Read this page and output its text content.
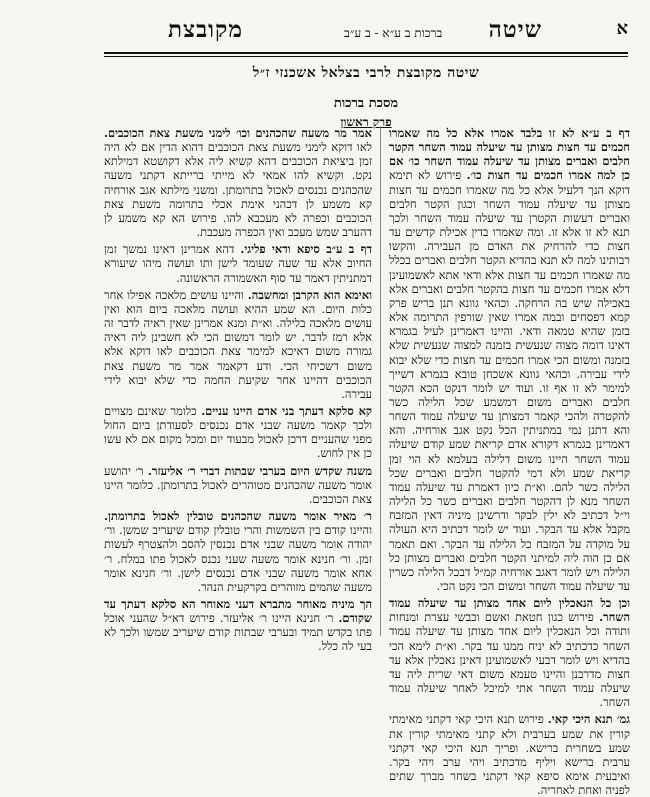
מקובצת	ברכות ב ע״א - ב ע״ב שיטה	א
שיטה מקובצת לרבי בצלאל אשכנזי ז״ל
מסכת ברכות
פרק ראשון

דף ב ע״א לא זו בלבד אמרו אלא כל מה שאמרו חכמים עד חצות מצותן עד שיעלה עמוד השחר הקטר חלבים ואברים מצותן עד שיעלה עמוד השחר כו׳ אם כן למה אמרו חכמים עד חצות כו׳. פירוש לא תימא דוקא הנך דלעיל אלא כל מה שאמרו חכמים עד חצות מצותן עד שיעלה עמוד השחר וכגון הקטר חלבים ואברים דעשות הקטרן עד שיעלה עמוד השחר ולכך תנא לא זו אלא זו. ומה שאמרו בדין אכילת קדשים עד חצות כדי להרחיק את האדם מן העבירה. והקשו רבותינו למה לא תנא בהדיא הקטר חלבים ואברים בכלל מה שאמרו חכמים עד חצות אלא ודאי אתא לאשמועינן דלא אמרו חכמים עד חצות בהקטר חלבים ואברים אלא באכילה שיש בה הרחקה. וכהאי גוונא תנן בריש פרק קמא דפסחים ובמה אמרו שאין שורפין התרומה אלא בזמן שהיא טמאה ודאי. והיינו דאמרינן לעיל בגמרא דאינו דומה מצוה שנעשית בזמנה למצוה שנעשית שלא בזמנה ומשום הכי אמרו חכמים עד חצות כדי שלא יבוא לידי עבירה. וכהאי גוונא אשכחן טובא בגמרא דשייך למימר לא זו אף זו. ועוד יש לומר דנקט הכא הקטר חלבים ואברים משום דמשמע שכל הלילה כשר להקטרה ולהכי קאמר דמצותן עד שיעלה עמוד השחר והא דתנן נמי במתניתין הכל נקט אגב אורחיה. והא דאמרינן בגמרא דקורא אדם קריאת שמע קודם שיעלה עמוד השחר היינו משום דלילה בעלמא לא הוי זמן קריאת שמע ולא דמי להקטר חלבים ואברים שכל הלילה כשר להם. וא״ת כיון דאמרת עד שיעלה עמוד השחר מנא לן דהקטר חלבים ואברים כשר כל הלילה וי״ל דכתיב לא ילין לבקר ודרשינן מיניה דאין המזבח מקבל אלא עד הבקר. ועוד יש לומר דכתיב היא העולה על מוקדה על המזבח כל הלילה עד הבקר. ואם תאמר אם כן הוה ליה למיתני הקטר חלבים ואברים מצותן כל הלילה ויש לומר דאגב אורחיה קמ״ל דבכל הלילה כשרין עד שיעלה עמוד השחר ומשום הכי נקט הכי.

וכן כל הנאכלין ליום אחד מצותן עד שיעלה עמוד השחר. פירוש כגון חטאת ואשם וכבשי עצרת ומנחות ותודה וכל הנאכלין ליום אחד מצותן עד שיעלה עמוד השחר כדכתיב לא יניח ממנו עד בקר. וא״ת לימא הכי בהדיא ויש לומר דבעי לאשמועינן דאינן נאכלין אלא עד חצות מדרבנן והיינו טעמא משום דאי שרית ליה עד שיעלה עמוד השחר אתי למיכל לאחר שיעלה עמוד השחר.

גמ׳ תנא היכי קאי. פירוש תנא היכי קאי דקתני מאימתי קורין את שמע בערבית ולא קתני מאימתי קורין את שמע בשחרית ברישא. ופריך תנא היכי קאי דקתני ערבית ברישא ויליף מדכתיב ויהי ערב ויהי בקר. ואיבעית אימא סיפא קאי דקתני בשחר מברך שתים לפניה ואחת לאחריה.

אמר מר משעה שהכהנים וכו׳ לימני משעת צאת הכוכבים. לאו דוקא לימני משעת צאת הכוכבים דהוא הדין אם לא היה זמן ביציאת הכוכבים דהא קשיא ליה אלא דקושטא דמילתא נקט. וקשיא להו אמאי לא מייתי ברייתא דקתני משעה שהכהנים נכנסים לאכול בתרומתן. ומשני מילתא אגב אורחיה קא משמע לן דכהני אימת אכלי בתרומה משעת צאת הכוכבים וכפרה לא מעכבא להו. פירוש הא קא משמע לן דהערב שמש מעכב ואין הכפרה מעכבת.

דף ב ע״ב סיפא ודאי פליגי. דהא אמרינן דאינו נמשך זמן החיוב אלא עד שעה שעומד לישן ותו ועושה מיהו שיעורא דמתניתין דאמר עד סוף האשמורה הראשונה.

ואימא הוא הקרבן ומחשבה. והיינו עושים מלאכה אפילו אחר כלות היום. הא שמע ההיא ועושה מלאכה ביום הוא ואין עושים מלאכה בלילה. וא״ת ומנא אמרינן שאין ראיה לדבר זה אלא רמז לדבר. יש לומר דמשום הכי לא חשבינן ליה ראיה גמורה משום דאיכא למימר צאת הכוכבים לאו דוקא אלא משום דשכיחי הכי. ודע דקאמר אמר מר משעת צאת הכוכבים דהיינו אחר שקיעת החמה כדי שלא יבוא לידי עבירה.

קא סלקא דעתך בני אדם היינו עניים. כלומר שאינם מצויים ולכך קאמר משעה שבני אדם נכנסים לסעודתן ביום החול מפני שהעניים דרכן לאכול מבעוד יום ומכל מקום אם לא עשו כן אין לחוש.

משנה שקדש היום בערבי שבתות דברי ר׳ אליעזר. ר׳ יהושע אומר משעה שהכהנים מטוהרים לאכול בתרומתן. כלומר היינו צאת הכוכבים.

ר׳ מאיר אומר משעה שהכהנים טובלין לאכול בתרומתן. והיינו קודם בין השמשות והרי טובלין קודם שיעריב שמשן. ור׳ יהודה אומר משעה שבני אדם נכנסין להסב ולהצטרף לעשות זמן. ור׳ חנינא אומר משעה שעני נכנס לאכול פתו במלח. ר׳ אחא אומר משעה שבני אדם נכנסים לישן. ור׳ חנינא אומר משעה שהמים מזוהרים בקרקעית הנהר.

הך מיניה מאוחר מתברא דעני מאוחר הא סלקא דעתך עד שקודם. ר׳ חנינא היינו ר׳ אליעזר. פירוש דא״ל שהעני אוכל פתו בקדש תמיד ובערבי שבתות קודם שיעריב שמשו ולכך לא בעי לה כלל.
